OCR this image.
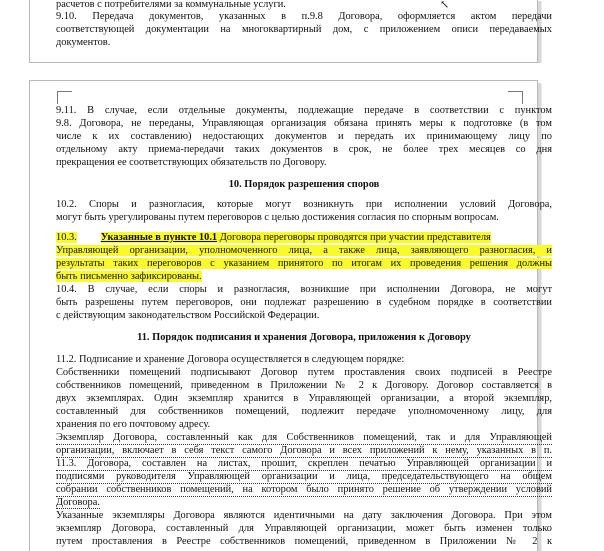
расчетов с потребителями за коммунальные услуги.
9.10. Передача документов, указанных в п.9.8 Договора, оформляется актом передачи
соответствующей документации на многоквартирный дом, с приложением описи передаваемых
документов.
9.11. В случае, если отдельные документы, подлежащие передаче в соответствии с пунктом
9.8. Договора, не переданы, Управляющая организация обязана принять меры к подготовке (в том
числе к их составлению) недостающих документов и передать их принимающему лицу по
отдельному акту приема-передачи таких документов в срок, не более трех месяцев со дня
прекращения ее соответствующих обязательств по Договору.
10. Порядок разрешения споров
10.2. Споры и разногласия, которые могут возникнуть при исполнении условий Договора,
могут быть урегулированы путем переговоров с целью достижения согласия по спорным вопросам.
10.3. Указанные в пункте 10.1 Договора переговоры проводятся при участии представителя
Управляющей организации, уполномоченного лица, а также лица, заявляющего разногласия, и
результаты таких переговоров с указанием принятого по итогам их проведения решения должны
быть письменно зафиксированы.
10.4. В случае, если споры и разногласия, возникшие при исполнении Договора, не могут
быть разрешены путем переговоров, они подлежат разрешению в судебном порядке в соответствии
с действующим законодательством Российской Федерации.
11. Порядок подписания и хранения Договора, приложения к Договору
11.2. Подписание и хранение Договора осуществляется в следующем порядке:
Собственники помещений подписывают Договор путем проставления своих подписей в Реестре
собственников помещений, приведенном в Приложении № 2 к Договору. Договор составляется в
двух экземплярах. Один экземпляр хранится в Управляющей организации, а второй экземпляр,
составленный для собственников помещений, подлежит передаче уполномоченному лицу, для
хранения по его почтовому адресу.
Экземпляр Договора, составленный как для Собственников помещений, так и для Управляющей
организации, включает в себя текст самого Договора и всех приложений к нему, указанных в п.
11.3. Договора, составлен на листах, прошит, скреплен печатью Управляющей организации и
подписями руководителя Управляющей организации и лица, председательствующего на общем
собрании собственников помещений, на котором было принято решение об утверждении условий
Договора.
Указанные экземпляры Договора являются идентичными на дату заключения Договора. При этом
экземпляр Договора, составленный для Управляющей организации, может быть изменен только
путем проставления в Реестре собственников помещений, приведенном в Приложении № 2 к
↖
